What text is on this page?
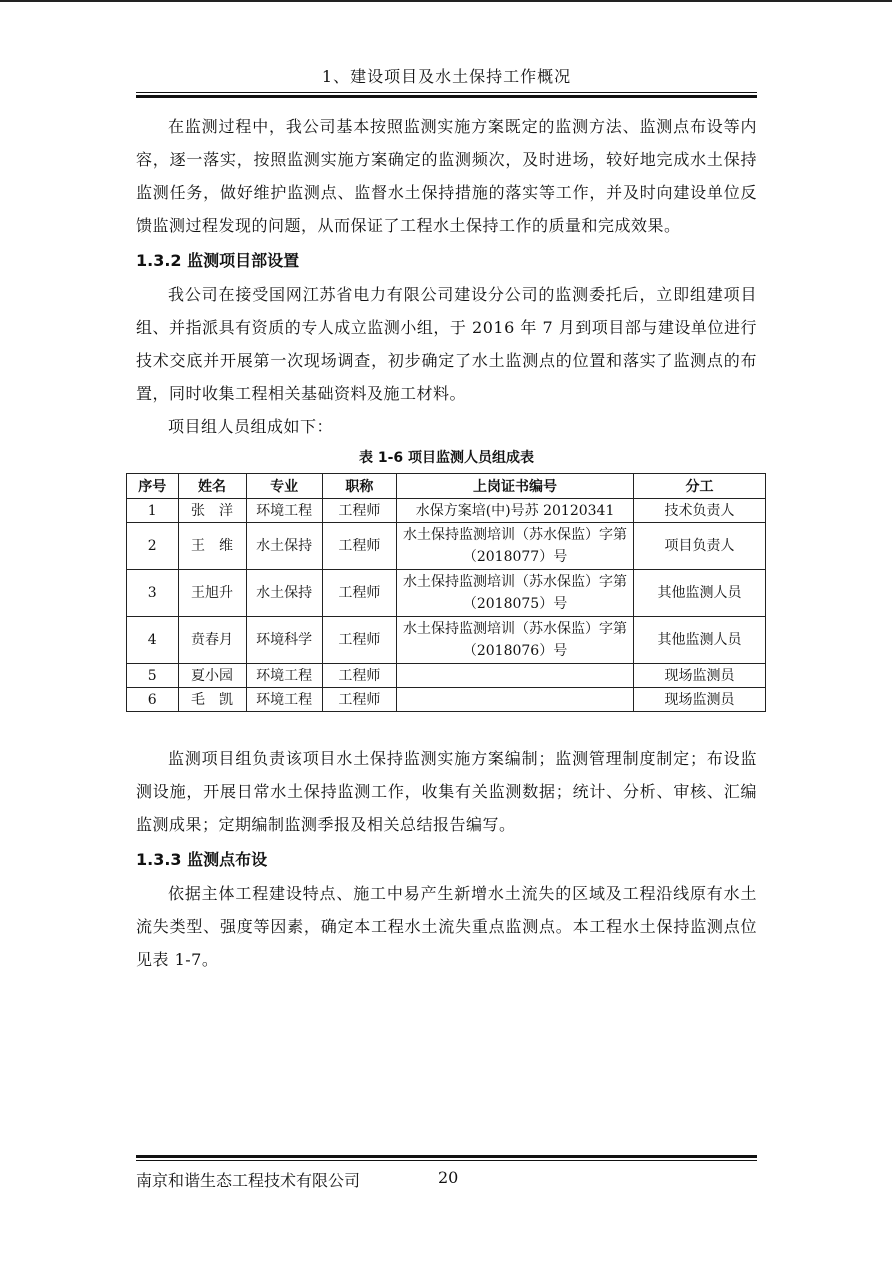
1、建设项目及水土保持工作概况

在监测过程中，我公司基本按照监测实施方案既定的监测方法、监测点布设等内容，逐一落实，按照监测实施方案确定的监测频次，及时进场，较好地完成水土保持监测任务，做好维护监测点、监督水土保持措施的落实等工作，并及时向建设单位反馈监测过程发现的问题，从而保证了工程水土保持工作的质量和完成效果。

1.3.2 监测项目部设置

我公司在接受国网江苏省电力有限公司建设分公司的监测委托后，立即组建项目组、并指派具有资质的专人成立监测小组，于 2016 年 7 月到项目部与建设单位进行技术交底并开展第一次现场调查，初步确定了水土监测点的位置和落实了监测点的布置，同时收集工程相关基础资料及施工材料。

项目组人员组成如下：

表 1-6 项目监测人员组成表
序号	姓名	专业	职称	上岗证书编号	分工
1	张　洋	环境工程	工程师	水保方案培(中)号苏 20120341	技术负责人
2	王　维	水土保持	工程师	水土保持监测培训（苏水保监）字第（2018077）号	项目负责人
3	王旭升	水土保持	工程师	水土保持监测培训（苏水保监）字第（2018075）号	其他监测人员
4	贲春月	环境科学	工程师	水土保持监测培训（苏水保监）字第（2018076）号	其他监测人员
5	夏小园	环境工程	工程师		现场监测员
6	毛　凯	环境工程	工程师		现场监测员

监测项目组负责该项目水土保持监测实施方案编制；监测管理制度制定；布设监测设施，开展日常水土保持监测工作，收集有关监测数据；统计、分析、审核、汇编监测成果；定期编制监测季报及相关总结报告编写。

1.3.3 监测点布设

依据主体工程建设特点、施工中易产生新增水土流失的区域及工程沿线原有水土流失类型、强度等因素，确定本工程水土流失重点监测点。本工程水土保持监测点位见表 1-7。

南京和谐生态工程技术有限公司	20
